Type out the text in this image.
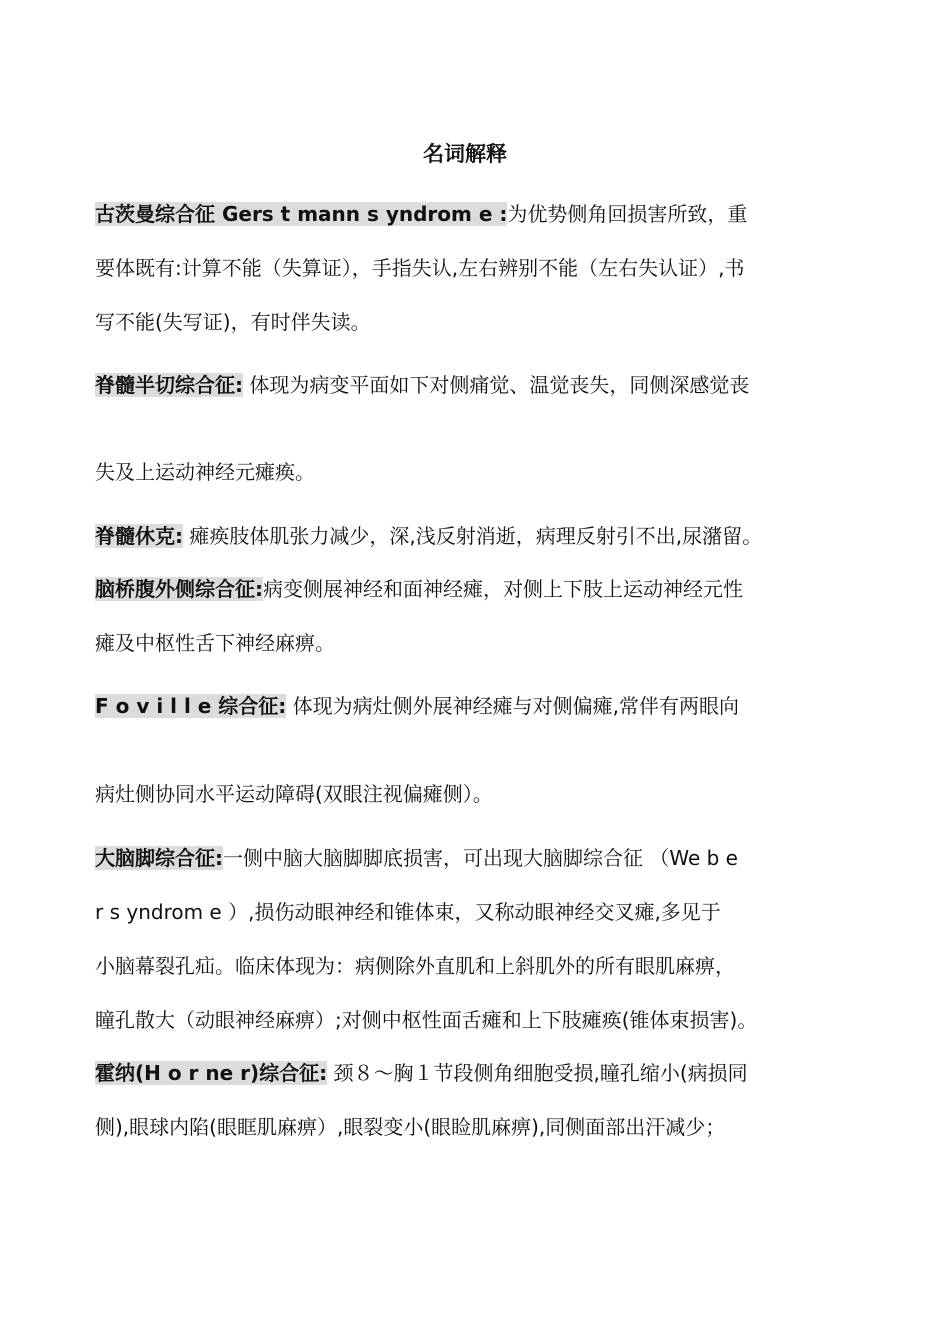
名词解释
古茨曼综合征 Gers t mann s yndrom e :为优势侧角回损害所致，重
要体既有:计算不能（失算证），手指失认,左右辨别不能（左右失认证）,书
写不能(失写证)，有时伴失读。
脊髓半切综合征: 体现为病变平面如下对侧痛觉、温觉丧失，同侧深感觉丧
失及上运动神经元瘫痪。
脊髓休克: 瘫痪肢体肌张力减少，深,浅反射消逝，病理反射引不出,尿潴留。
脑桥腹外侧综合征:病变侧展神经和面神经瘫，对侧上下肢上运动神经元性
瘫及中枢性舌下神经麻痹。
F o v i l l e 综合征: 体现为病灶侧外展神经瘫与对侧偏瘫,常伴有两眼向
病灶侧协同水平运动障碍(双眼注视偏瘫侧）。
大脑脚综合征:一侧中脑大脑脚脚底损害，可出现大脑脚综合征 （We b e
r s yndrom e ）,损伤动眼神经和锥体束，又称动眼神经交叉瘫,多见于
小脑幕裂孔疝。临床体现为：病侧除外直肌和上斜肌外的所有眼肌麻痹，
瞳孔散大（动眼神经麻痹）;对侧中枢性面舌瘫和上下肢瘫痪(锥体束损害)。
霍纳(H o r ne r)综合征: 颈８～胸１节段侧角细胞受损,瞳孔缩小(病损同
侧),眼球内陷(眼眶肌麻痹）,眼裂变小(眼睑肌麻痹),同侧面部出汗减少；
